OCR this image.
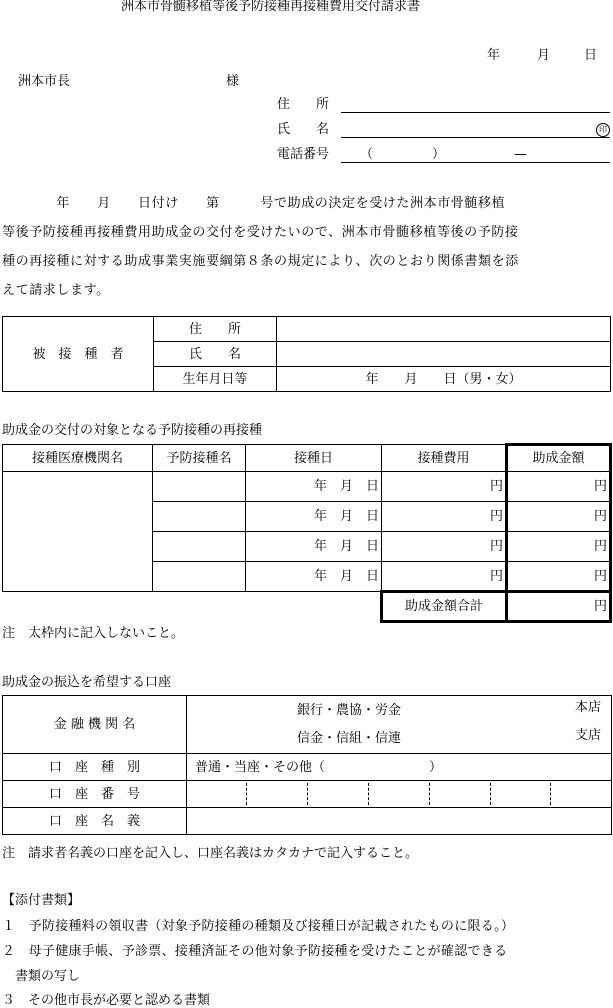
洲本市骨髄移植等後予防接種再接種費用交付請求書
年	月	日
洲本市長	様
住　　所
氏　　名	印
電話番号 （	）	—
　　　　年　　月　　日付け　　第　　　号で助成の決定を受けた洲本市骨髄移植
等後予防接種再接種費用助成金の交付を受けたいので、洲本市骨髄移植等後の予防接
種の再接種に対する助成事業実施要綱第８条の規定により、次のとおり関係書類を添
えて請求します。
被　接　種　者	住　　所	
	氏　　名	
	生年月日等	年　　月　　日（男・女）
助成金の交付の対象となる予防接種の再接種
接種医療機関名	予防接種名	接種日	接種費用	助成金額
		年　月　日	円	円
		年　月　日	円	円
		年　月　日	円	円
		年　月　日	円	円
			助成金額合計	円
注　太枠内に記入しないこと。
助成金の振込を希望する口座
金 融 機 関 名	銀行・農協・労金
信金・信組・信連
本店
支店

口　座　種　別	普通・当座・その他（　　　　　　　　）
口　座　番　号	

口　座　名　義	
注　請求者名義の口座を記入し、口座名義はカタカナで記入すること。
【添付書類】
１　予防接種料の領収書（対象予防接種の種類及び接種日が記載されたものに限る。）
２　母子健康手帳、予診票、接種済証その他対象予防接種を受けたことが確認できる
　書類の写し
３　その他市長が必要と認める書類
